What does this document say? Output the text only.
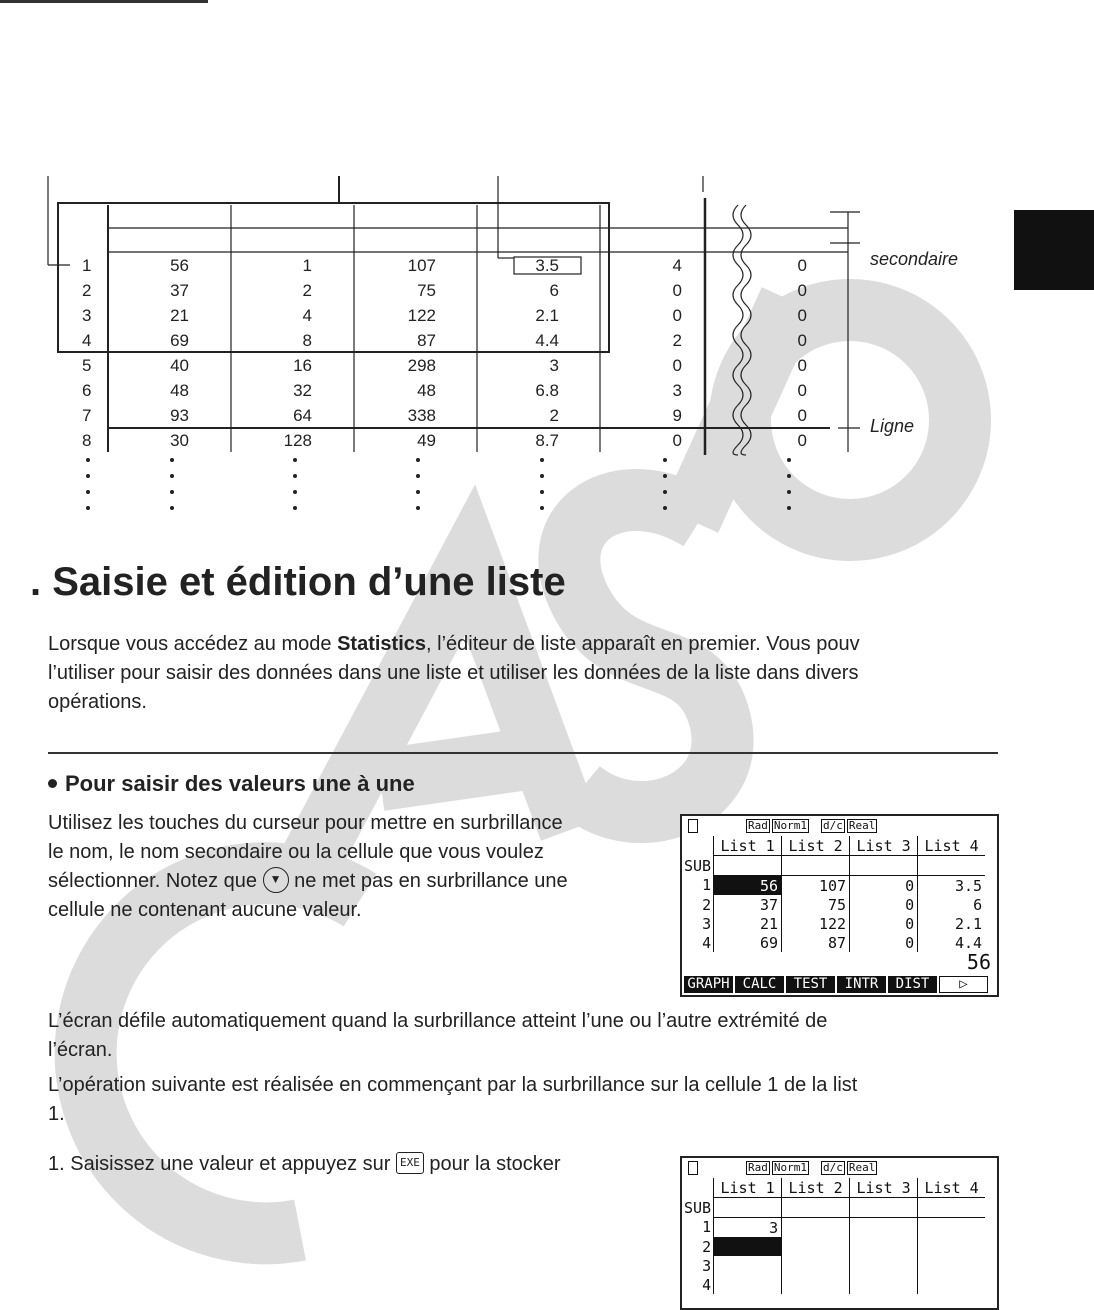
1	56	1	107	3.5	4	0
2	37	2	75	6	0	0
3	21	4	122	2.1	0	0
4	69	8	87	4.4	2	0
5	40	16	298	3	0	0
6	48	32	48	6.8	3	0
7	93	64	338	2	9	0
8	30	128	49	8.7	0	0
secondaire
Ligne
. Saisie et édition d’une liste
Lorsque vous accédez au mode Statistics, l’éditeur de liste apparaît en premier. Vous pouv
l’utiliser pour saisir des données dans une liste et utiliser les données de la liste dans divers
opérations.
Pour saisir des valeurs une à une
Utilisez les touches du curseur pour mettre en surbrillance
le nom, le nom secondaire ou la cellule que vous voulez
sélectionner. Notez que ▼ ne met pas en surbrillance une
cellule ne contenant aucune valeur.
L’écran défile automatiquement quand la surbrillance atteint l’une ou l’autre extrémité de
l’écran.
L’opération suivante est réalisée en commençant par la surbrillance sur la cellule 1 de la list
1.
1. Saisissez une valeur et appuyez sur EXE pour la stocker
Rad Norm1 d/c Real
	List 1	List 2	List 3	List 4
SUB				
1	56	107	0	3.5
2	37	75	0	6
3	21	122	0	2.1
4	69	87	0	4.4
56
GRAPH CALC	TEST	INTR	DIST	▷
Rad Norm1 d/c Real
	List 1	List 2	List 3	List 4
SUB				
1	3			
2				
3				
4				
